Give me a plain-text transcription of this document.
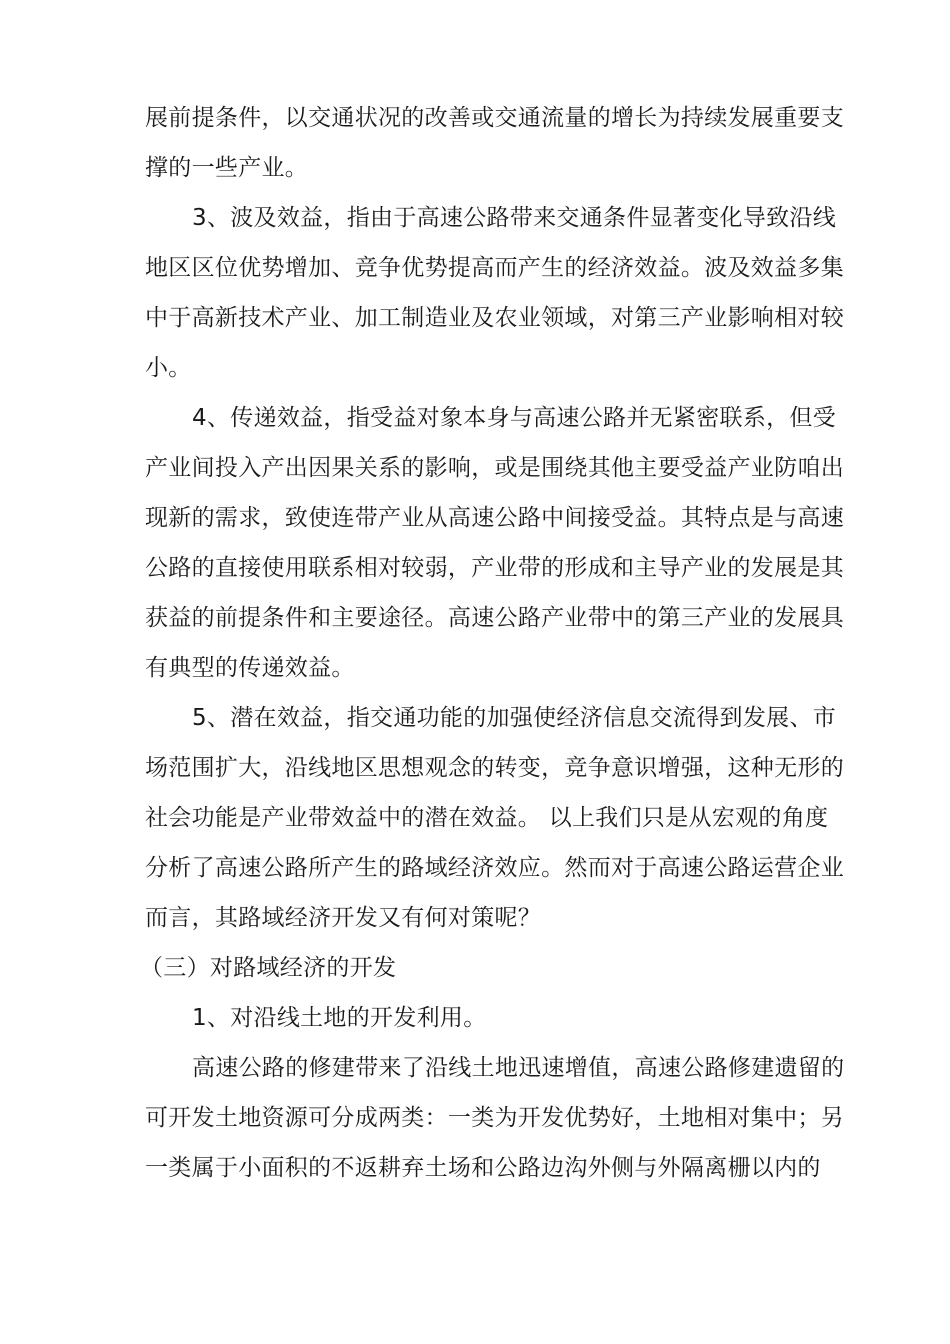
展前提条件，以交通状况的改善或交通流量的增长为持续发展重要支
撑的一些产业。
3、波及效益，指由于高速公路带来交通条件显著变化导致沿线
地区区位优势增加、竞争优势提高而产生的经济效益。波及效益多集
中于高新技术产业、加工制造业及农业领域，对第三产业影响相对较
小。
4、传递效益，指受益对象本身与高速公路并无紧密联系，但受
产业间投入产出因果关系的影响，或是围绕其他主要受益产业防咱出
现新的需求，致使连带产业从高速公路中间接受益。其特点是与高速
公路的直接使用联系相对较弱，产业带的形成和主导产业的发展是其
获益的前提条件和主要途径。高速公路产业带中的第三产业的发展具
有典型的传递效益。
5、潜在效益，指交通功能的加强使经济信息交流得到发展、市
场范围扩大，沿线地区思想观念的转变，竞争意识增强，这种无形的
社会功能是产业带效益中的潜在效益。 以上我们只是从宏观的角度
分析了高速公路所产生的路域经济效应。然而对于高速公路运营企业
而言，其路域经济开发又有何对策呢？
（三）对路域经济的开发
1、对沿线土地的开发利用。
高速公路的修建带来了沿线土地迅速增值，高速公路修建遗留的
可开发土地资源可分成两类：一类为开发优势好，土地相对集中；另
一类属于小面积的不返耕弃土场和公路边沟外侧与外隔离栅以内的
